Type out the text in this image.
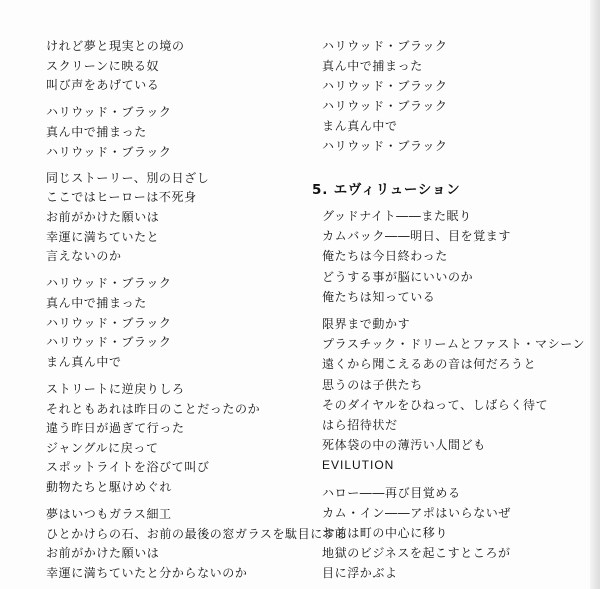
けれど夢と現実との境の
スクリーンに映る奴
叫び声をあげている
ハリウッド・ブラック
真ん中で捕まった
ハリウッド・ブラック
同じストーリー、別の日ざし
ここではヒーローは不死身
お前がかけた願いは
幸運に満ちていたと
言えないのか
ハリウッド・ブラック
真ん中で捕まった
ハリウッド・ブラック
ハリウッド・ブラック
まん真ん中で
ストリートに逆戻りしろ
それともあれは昨日のことだったのか
違う昨日が過ぎて行った
ジャングルに戻って
スポットライトを浴びて叫び
動物たちと駆けめぐれ
夢はいつもガラス細工
ひとかけらの石、お前の最後の窓ガラスを駄目にする
お前がかけた願いは
幸運に満ちていたと分からないのか
ハリウッド・ブラック
真ん中で捕まった
ハリウッド・ブラック
ハリウッド・ブラック
まん真ん中で
ハリウッド・ブラック
5. エヴィリューション
グッドナイト――また眠り
カムバック――明日、目を覚ます
俺たちは今日終わった
どうする事が脳にいいのか
俺たちは知っている
限界まで動かす
プラスチック・ドリームとファスト・マシーン
遠くから聞こえるあの音は何だろうと
思うのは子供たち
そのダイヤルをひねって、しばらく待て
はら招待状だ
死体袋の中の薄汚い人間ども
EVILUTION
ハロー――再び目覚める
カム・イン――アポはいらないぜ
お前は町の中心に移り
地獄のビジネスを起こすところが
目に浮かぶよ
